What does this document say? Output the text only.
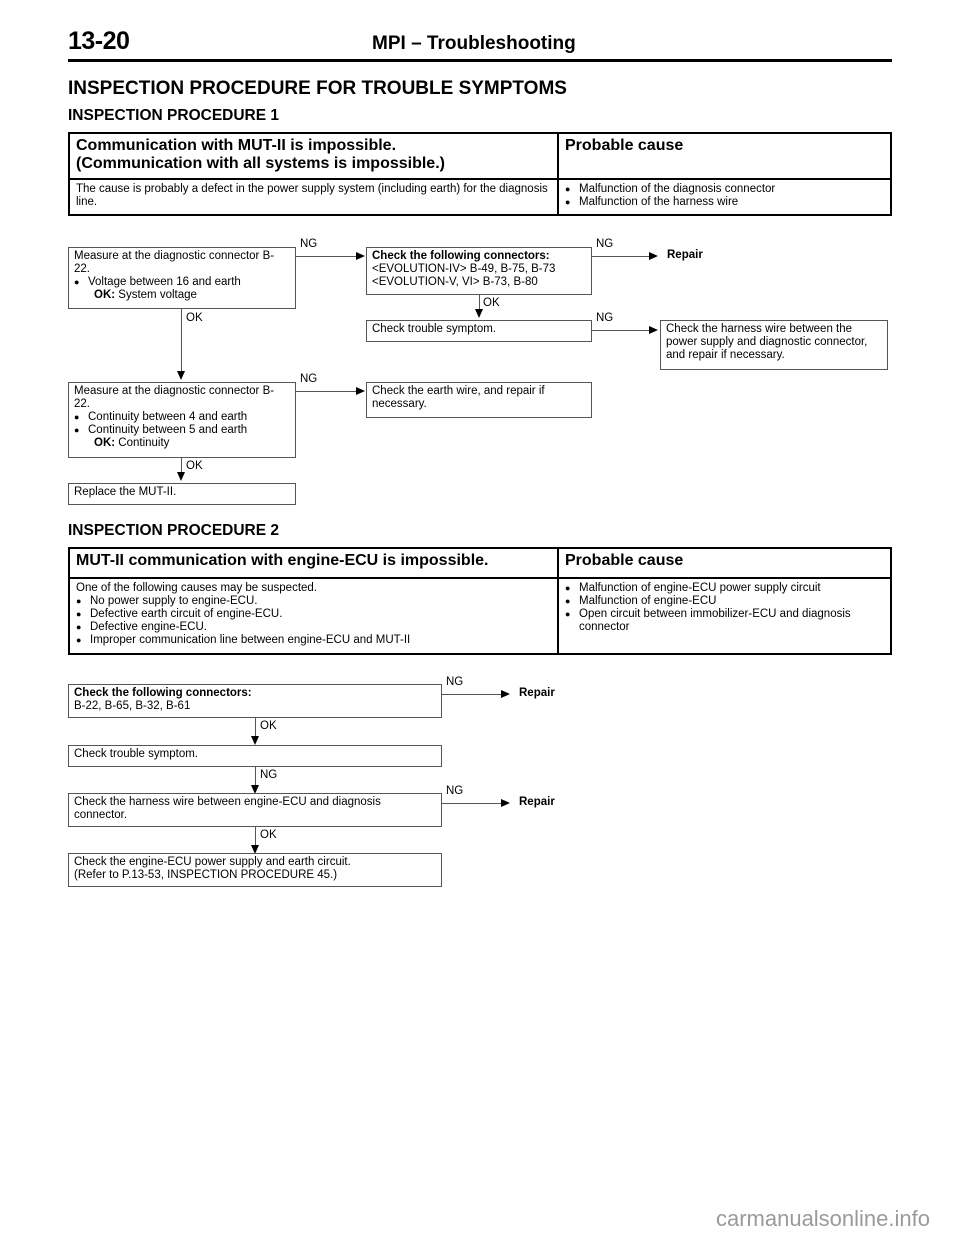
13-20	MPI – Troubleshooting
INSPECTION PROCEDURE FOR TROUBLE SYMPTOMS
INSPECTION PROCEDURE 1
Communication with MUT-II is impossible.
(Communication with all systems is impossible.)	Probable cause
The cause is probably a defect in the power supply system (including earth) for the diagnosis line.	● Malfunction of the diagnosis connector
● Malfunction of the harness wire
Measure at the diagnostic connector B-22.
● Voltage between 16 and earth
OK: System voltage
NG
Check the following connectors:
<EVOLUTION-IV> B-49, B-75, B-73
<EVOLUTION-V, VI> B-73, B-80
NG
Repair
OK
Check trouble symptom.
NG
Check the harness wire between the power supply and diagnostic connector, and repair if necessary.
OK
Measure at the diagnostic connector B-22.
● Continuity between 4 and earth
● Continuity between 5 and earth
OK: Continuity
NG
Check the earth wire, and repair if necessary.
OK
Replace the MUT-II.
INSPECTION PROCEDURE 2
MUT-II communication with engine-ECU is impossible.	Probable cause
One of the following causes may be suspected.
● No power supply to engine-ECU.
● Defective earth circuit of engine-ECU.
● Defective engine-ECU.
● Improper communication line between engine-ECU and MUT-II	● Malfunction of engine-ECU power supply circuit
● Malfunction of engine-ECU
● Open circuit between immobilizer-ECU and diagnosis connector
Check the following connectors:
B-22, B-65, B-32, B-61
NG
Repair
OK
Check trouble symptom.
NG
Check the harness wire between engine-ECU and diagnosis connector.
NG
Repair
OK
Check the engine-ECU power supply and earth circuit.
(Refer to P.13-53, INSPECTION PROCEDURE 45.)
carmanualsonline.info
